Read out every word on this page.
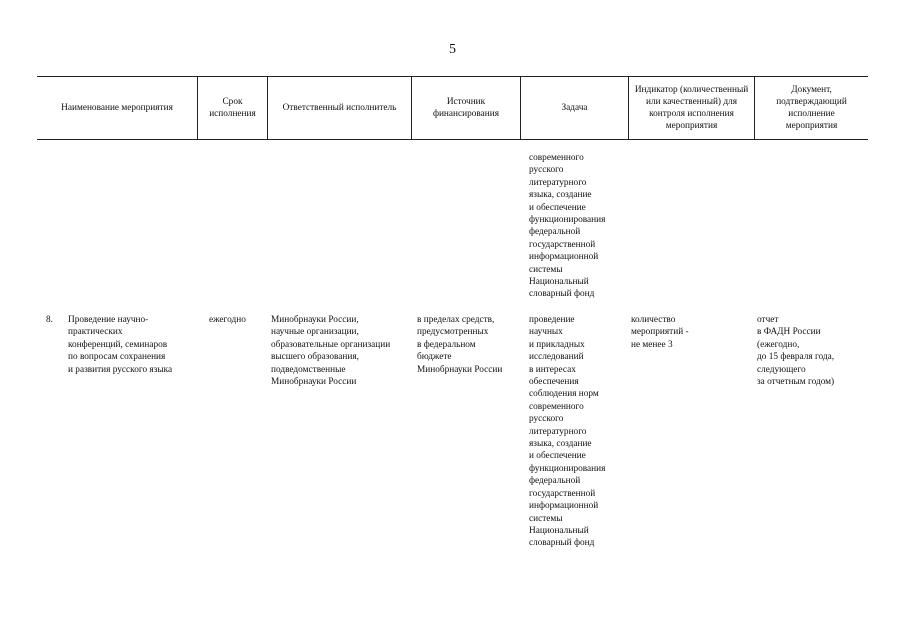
5
Наименование мероприятия
Срок исполнения
Ответственный исполнитель
Источник финансирования
Задача
Индикатор (количественный или качественный) для контроля исполнения мероприятия
Документ, подтверждающий исполнение мероприятия
современного
русского
литературного
языка, создание
и обеспечение
функционирования
федеральной
государственной
информационной
системы
Национальный
словарный фонд
8. Проведение научно-
практических
конференций, семинаров
по вопросам сохранения
и развития русского языка
ежегодно	Минобрнауки России,
научные организации,
образовательные организации
высшего образования,
подведомственные
Минобрнауки России
в пределах средств,
предусмотренных
в федеральном
бюджете
Минобрнауки России
проведение
научных
и прикладных
исследований
в интересах
обеспечения
соблюдения норм
современного
русского
литературного
языка, создание
и обеспечение
функционирования
федеральной
государственной
информационной
системы
Национальный
словарный фонд
количество
мероприятий -
не менее 3
отчет
в ФАДН России
(ежегодно,
до 15 февраля года,
следующего
за отчетным годом)
